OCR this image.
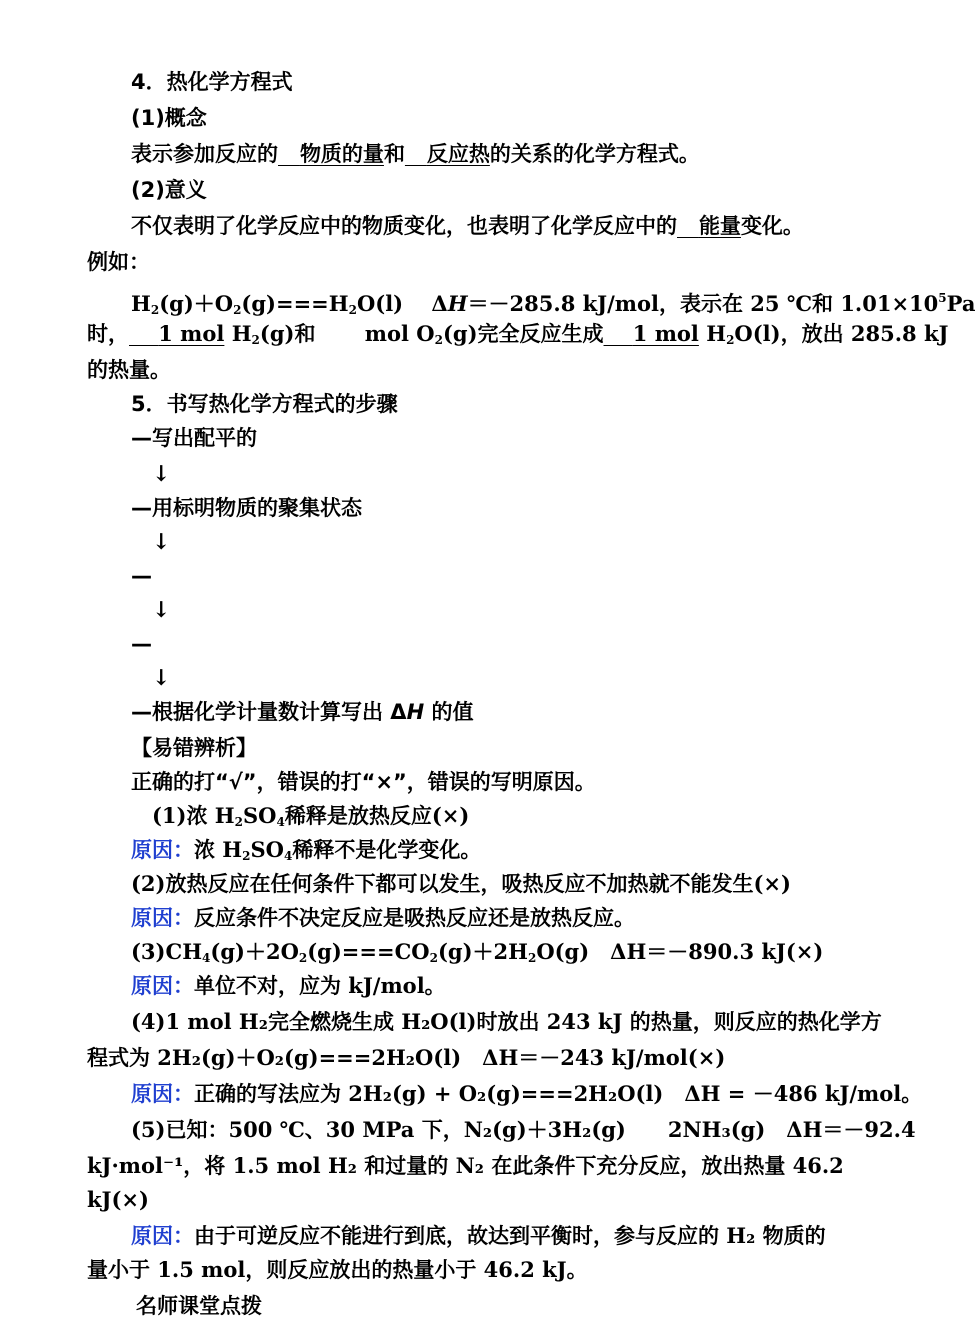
4．热化学方程式
(1)概念
表示参加反应的 物质的量和 反应热的关系的化学方程式。
(2)意义
不仅表明了化学反应中的物质变化，也表明了化学反应中的 能量变化。
例如：
$H_2(g)+O_2(g)===H_2O(l)$　 ΔH＝－285.8 kJ/mol，表示在 25 ℃和 $1.01\times 10^5Pa$
时， 1 mol $H_2(g)$和　　 mol $O_2(g)$完全反应生成 1 mol $H_2O(l)$，放出 285.8 kJ
的热量。
5．书写热化学方程式的步骤
—写出配平的
↓
—用标明物质的聚集状态
↓
—
↓
—
↓
—根据化学计量数计算写出 ΔH 的值
【易错辨析】
正确的打“√”，错误的打“×”，错误的写明原因。
(1)浓 $H_2SO_4$稀释是放热反应(×)
原因：浓 $H_2SO_4$稀释不是化学变化。
(2)放热反应在任何条件下都可以发生，吸热反应不加热就不能发生(×)
原因：反应条件不决定反应是吸热反应还是放热反应。
$(3)CH_4(g)+2O_2(g)===CO_2(g)+2H_2O(g)$　ΔH＝－890.3 kJ(×)
原因：单位不对，应为 kJ/mol。
(4)1 mol H₂完全燃烧生成 H₂O(l)时放出 243 kJ 的热量，则反应的热化学方
程式为 2H₂(g)＋O₂(g)===2H₂O(l)　ΔH＝－243 kJ/mol(×)
原因：正确的写法应为 2H₂(g) + O₂(g)===2H₂O(l)　ΔH = －486 kJ/mol。
(5)已知：500 ℃、30 MPa 下，N₂(g)＋3H₂(g)　　2NH₃(g)　ΔH＝－92.4
kJ·mol⁻¹，将 1.5 mol H₂ 和过量的 N₂ 在此条件下充分反应，放出热量 46.2
kJ(×)
原因：由于可逆反应不能进行到底，故达到平衡时，参与反应的 H₂ 物质的
量小于 1.5 mol，则反应放出的热量小于 46.2 kJ。
名师课堂点拨
